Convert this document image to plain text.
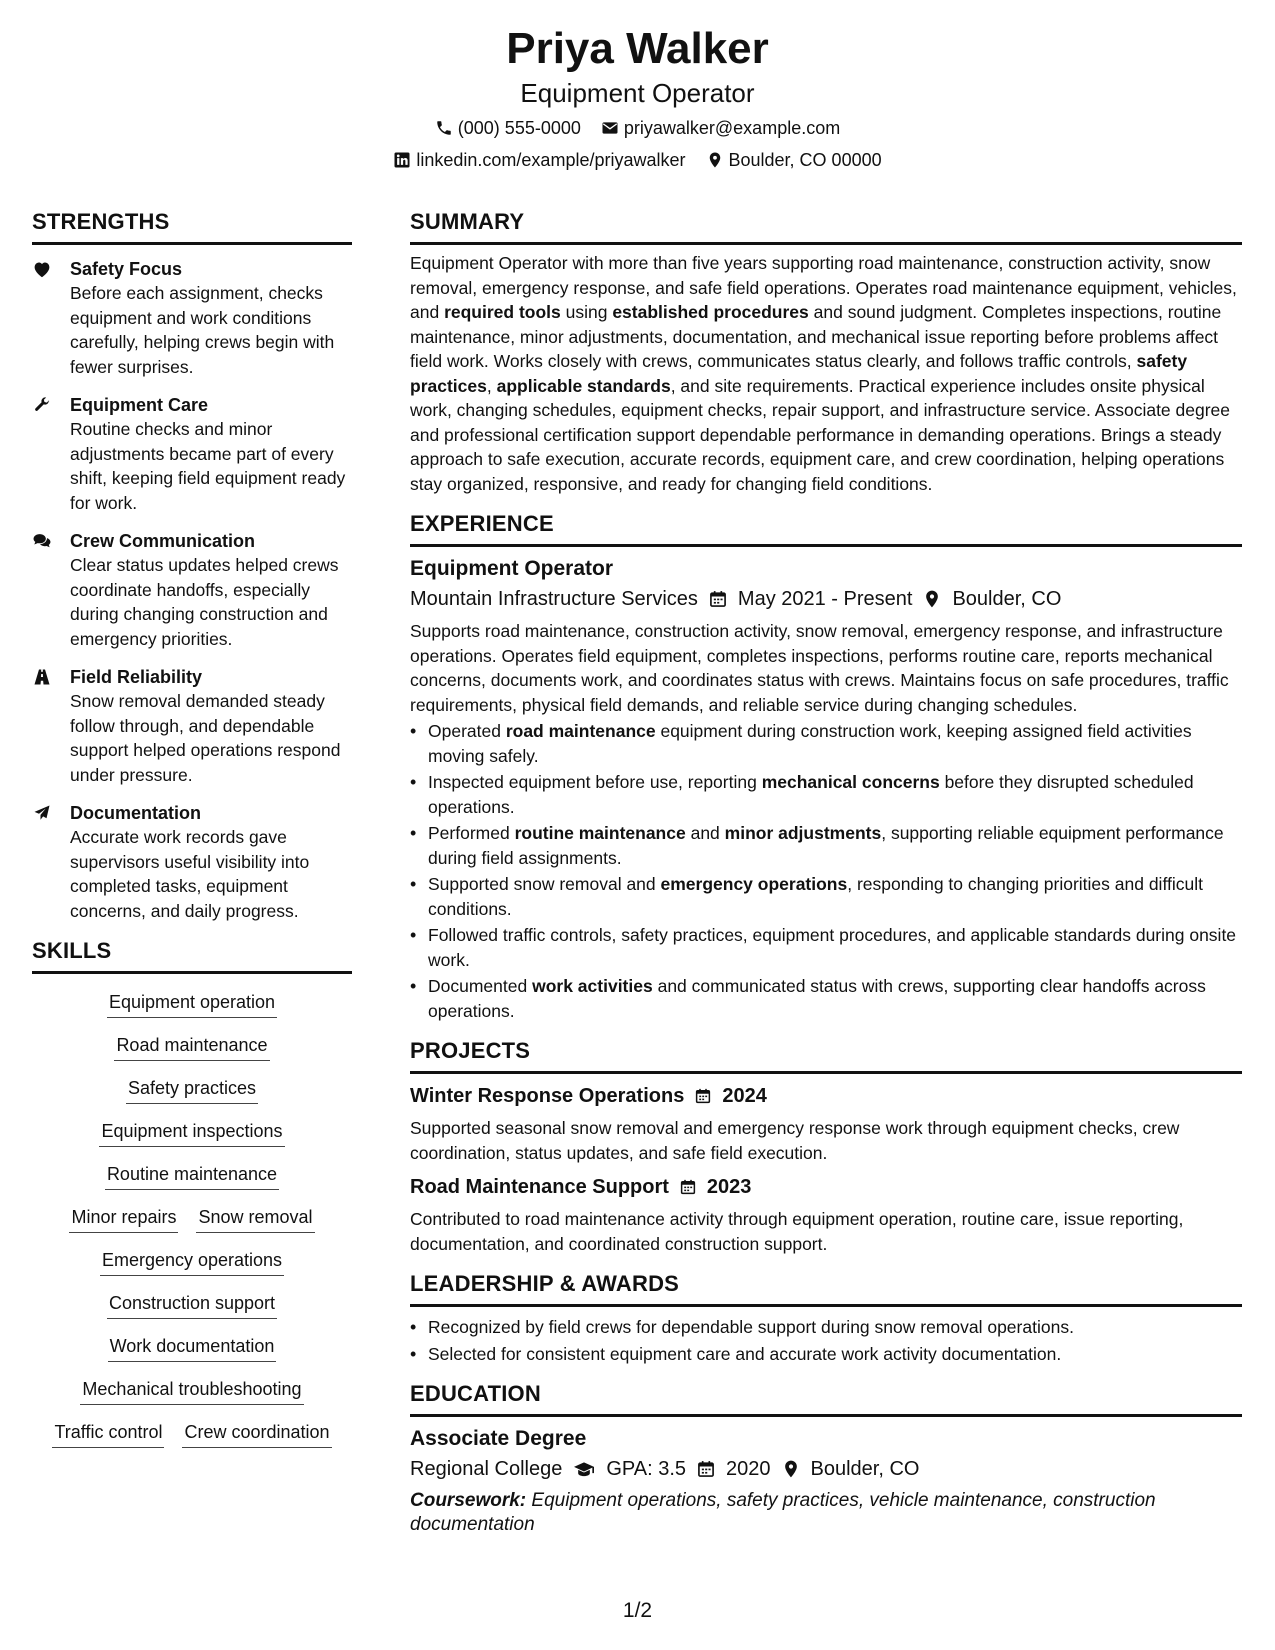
Priya Walker
Equipment Operator
(000) 555-0000 priyawalker@example.com
linkedin.com/example/priyawalker Boulder, CO 00000
STRENGTHS
Safety Focus
Before each assignment, checks equipment and work conditions carefully, helping crews begin with fewer surprises.
Equipment Care
Routine checks and minor adjustments became part of every shift, keeping field equipment ready for work.
Crew Communication
Clear status updates helped crews coordinate handoffs, especially during changing construction and emergency priorities.
Field Reliability
Snow removal demanded steady follow through, and dependable support helped operations respond under pressure.
Documentation
Accurate work records gave supervisors useful visibility into completed tasks, equipment concerns, and daily progress.
SKILLS
Equipment operation
Road maintenance
Safety practices
Equipment inspections
Routine maintenance
Minor repairs Snow removal
Emergency operations
Construction support
Work documentation
Mechanical troubleshooting
Traffic control Crew coordination
SUMMARY
Equipment Operator with more than five years supporting road maintenance, construction activity, snow removal, emergency response, and safe field operations. Operates road maintenance equipment, vehicles, and required tools using established procedures and sound judgment. Completes inspections, routine maintenance, minor adjustments, documentation, and mechanical issue reporting before problems affect field work. Works closely with crews, communicates status clearly, and follows traffic controls, safety practices, applicable standards, and site requirements. Practical experience includes onsite physical work, changing schedules, equipment checks, repair support, and infrastructure service. Associate degree and professional certification support dependable performance in demanding operations. Brings a steady approach to safe execution, accurate records, equipment care, and crew coordination, helping operations stay organized, responsive, and ready for changing field conditions.
EXPERIENCE
Equipment Operator
Mountain Infrastructure Services May 2021 - Present Boulder, CO
Supports road maintenance, construction activity, snow removal, emergency response, and infrastructure operations. Operates field equipment, completes inspections, performs routine care, reports mechanical concerns, documents work, and coordinates status with crews. Maintains focus on safe procedures, traffic requirements, physical field demands, and reliable service during changing schedules.
• Operated road maintenance equipment during construction work, keeping assigned field activities moving safely.
• Inspected equipment before use, reporting mechanical concerns before they disrupted scheduled operations.
• Performed routine maintenance and minor adjustments, supporting reliable equipment performance during field assignments.
• Supported snow removal and emergency operations, responding to changing priorities and difficult conditions.
• Followed traffic controls, safety practices, equipment procedures, and applicable standards during onsite work.
• Documented work activities and communicated status with crews, supporting clear handoffs across operations.
PROJECTS
Winter Response Operations 2024
Supported seasonal snow removal and emergency response work through equipment checks, crew coordination, status updates, and safe field execution.
Road Maintenance Support 2023
Contributed to road maintenance activity through equipment operation, routine care, issue reporting, documentation, and coordinated construction support.
LEADERSHIP & AWARDS
• Recognized by field crews for dependable support during snow removal operations.
• Selected for consistent equipment care and accurate work activity documentation.
EDUCATION
Associate Degree
Regional College GPA: 3.5 2020 Boulder, CO
Coursework: Equipment operations, safety practices, vehicle maintenance, construction documentation
1/2
